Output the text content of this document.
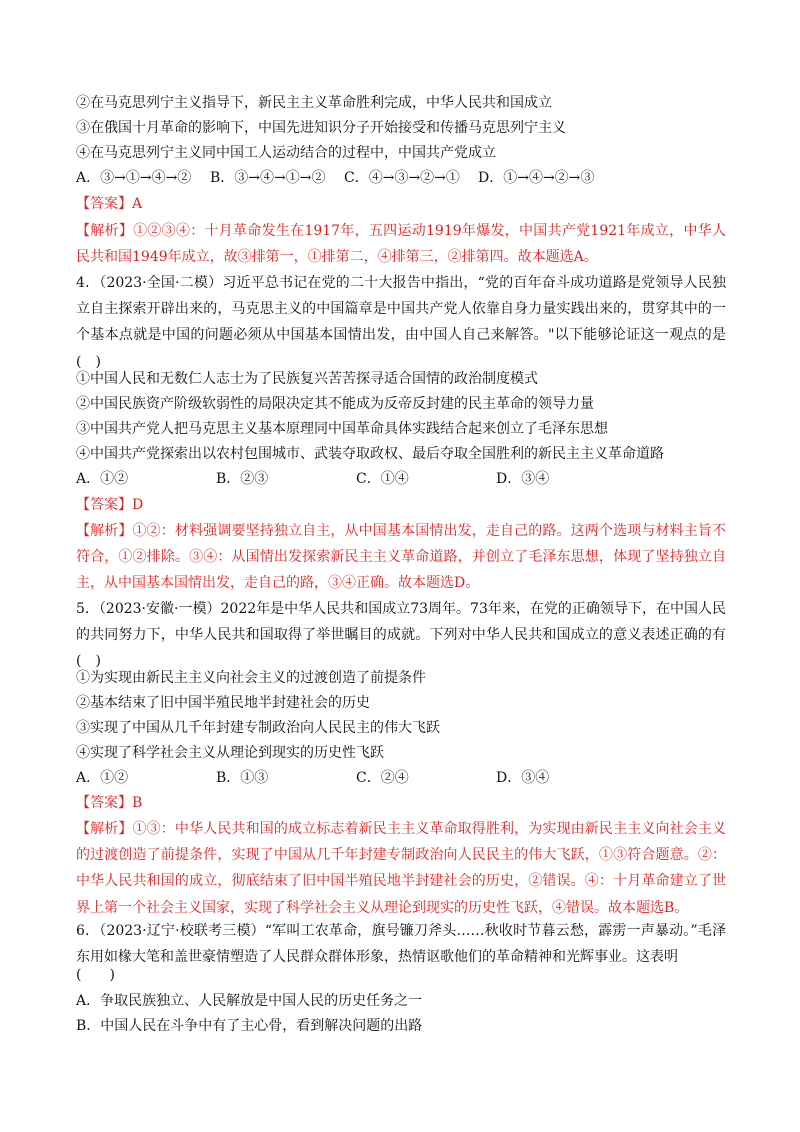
②在马克思列宁主义指导下，新民主主义革命胜利完成，中华人民共和国成立
③在俄国十月革命的影响下，中国先进知识分子开始接受和传播马克思列宁主义
④在马克思列宁主义同中国工人运动结合的过程中，中国共产党成立
A．③→①→④→② B．③→④→①→② C．④→③→②→① D．①→④→②→③
【答案】A
【解析】①②③④：十月革命发生在1917年，五四运动1919年爆发，中国共产党1921年成立，中华人民共和国1949年成立，故③排第一，①排第二，④排第三，②排第四。故本题选A。
4．（2023·全国·二模）习近平总书记在党的二十大报告中指出，“党的百年奋斗成功道路是党领导人民独立自主探索开辟出来的，马克思主义的中国篇章是中国共产党人依靠自身力量实践出来的，贯穿其中的一个基本点就是中国的问题必须从中国基本国情出发，由中国人自己来解答。"以下能够论证这一观点的是(　)
①中国人民和无数仁人志士为了民族复兴苦苦探寻适合国情的政治制度模式
②中国民族资产阶级软弱性的局限决定其不能成为反帝反封建的民主革命的领导力量
③中国共产党人把马克思主义基本原理同中国革命具体实践结合起来创立了毛泽东思想
④中国共产党探索出以农村包围城市、武装夺取政权、最后夺取全国胜利的新民主主义革命道路
A．①②	B．②③	C．①④	D．③④
【答案】D
【解析】①②：材料强调要坚持独立自主，从中国基本国情出发，走自己的路。这两个选项与材料主旨不符合，①②排除。③④：从国情出发探索新民主主义革命道路，并创立了毛泽东思想，体现了坚持独立自主，从中国基本国情出发，走自己的路，③④正确。故本题选D。
5．（2023·安徽·一模）2022年是中华人民共和国成立73周年。73年来，在党的正确领导下，在中国人民的共同努力下，中华人民共和国取得了举世瞩目的成就。下列对中华人民共和国成立的意义表述正确的有(　)
①为实现由新民主主义向社会主义的过渡创造了前提条件
②基本结束了旧中国半殖民地半封建社会的历史
③实现了中国从几千年封建专制政治向人民民主的伟大飞跃
④实现了科学社会主义从理论到现实的历史性飞跃
A．①②	B．①③	C．②④	D．③④
【答案】B
【解析】①③：中华人民共和国的成立标志着新民主主义革命取得胜利，为实现由新民主主义向社会主义的过渡创造了前提条件，实现了中国从几千年封建专制政治向人民民主的伟大飞跃，①③符合题意。②：中华人民共和国的成立，彻底结束了旧中国半殖民地半封建社会的历史，②错误。④：十月革命建立了世界上第一个社会主义国家，实现了科学社会主义从理论到现实的历史性飞跃，④错误。故本题选B。
6．（2023·辽宁·校联考三模）“军叫工农革命，旗号镰刀斧头……秋收时节暮云愁，霹雳一声暴动。”毛泽东用如椽大笔和盖世豪情塑造了人民群众群体形象，热情讴歌他们的革命精神和光辉事业。这表明
(　　)
A．争取民族独立、人民解放是中国人民的历史任务之一
B．中国人民在斗争中有了主心骨，看到解决问题的出路
